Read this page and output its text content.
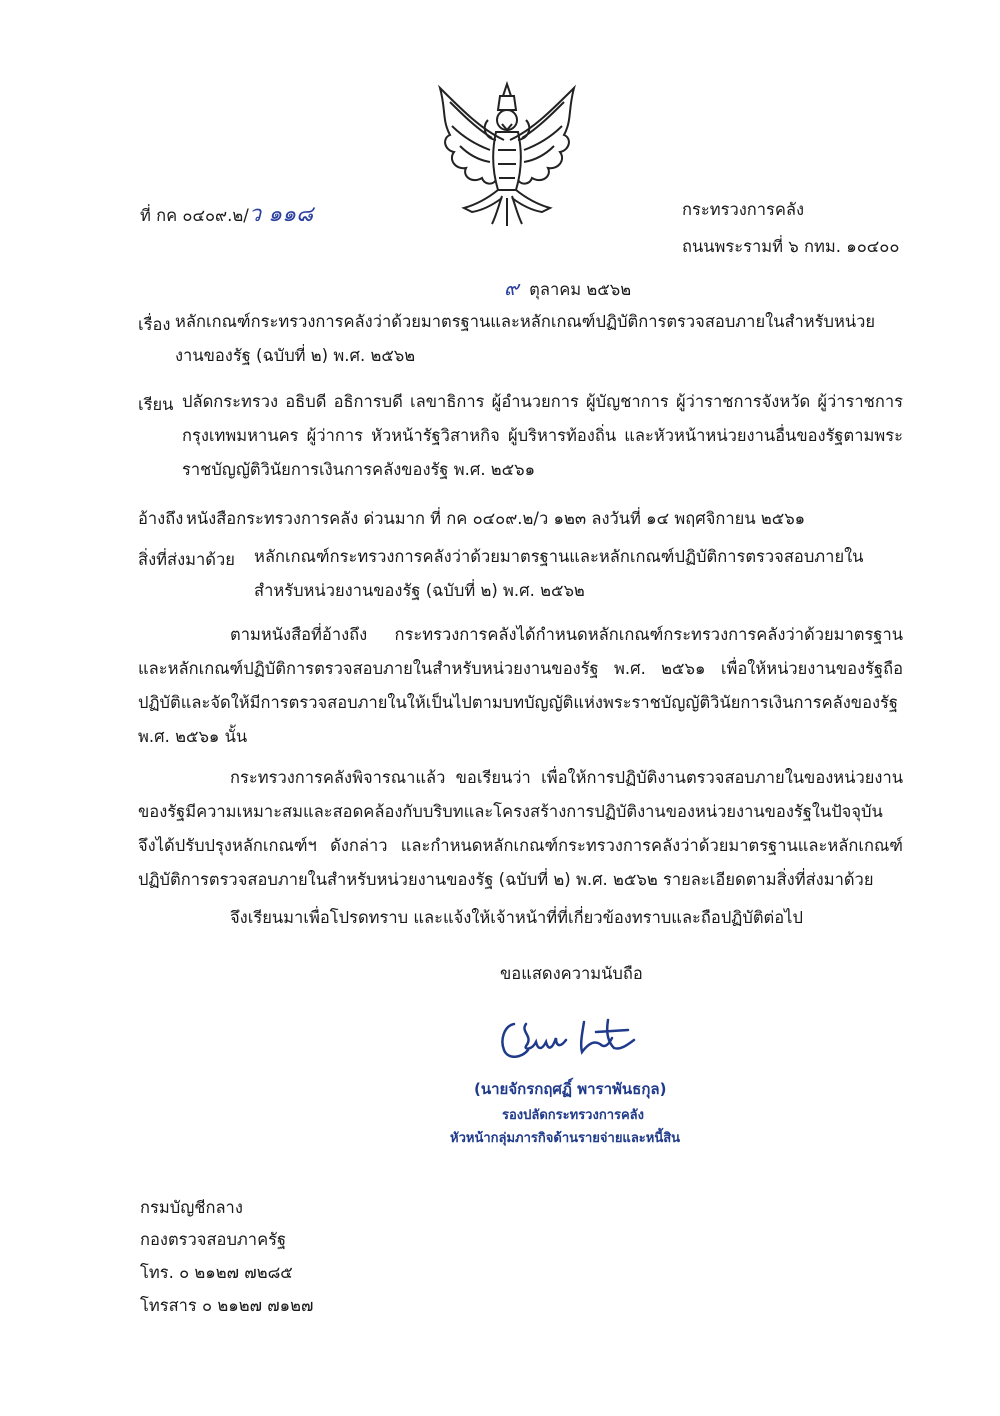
ที่ กค ๐๔๐๙.๒/ว ๑๑๘	กระทรวงการคลัง
ถนนพระรามที่ ๖ กทม. ๑๐๔๐๐
๙ ตุลาคม ๒๕๖๒
เรื่อง หลักเกณฑ์กระทรวงการคลังว่าด้วยมาตรฐานและหลักเกณฑ์ปฏิบัติการตรวจสอบภายในสำหรับหน่วยงานของรัฐ (ฉบับที่ ๒) พ.ศ. ๒๕๖๒
เรียน ปลัดกระทรวง อธิบดี อธิการบดี เลขาธิการ ผู้อำนวยการ ผู้บัญชาการ ผู้ว่าราชการจังหวัด ผู้ว่าราชการกรุงเทพมหานคร ผู้ว่าการ หัวหน้ารัฐวิสาหกิจ ผู้บริหารท้องถิ่น และหัวหน้าหน่วยงานอื่นของรัฐตามพระราชบัญญัติวินัยการเงินการคลังของรัฐ พ.ศ. ๒๕๖๑
อ้างถึง หนังสือกระทรวงการคลัง ด่วนมาก ที่ กค ๐๔๐๙.๒/ว ๑๒๓ ลงวันที่ ๑๔ พฤศจิกายน ๒๕๖๑
สิ่งที่ส่งมาด้วย	หลักเกณฑ์กระทรวงการคลังว่าด้วยมาตรฐานและหลักเกณฑ์ปฏิบัติการตรวจสอบภายในสำหรับหน่วยงานของรัฐ (ฉบับที่ ๒) พ.ศ. ๒๕๖๒
ตามหนังสือที่อ้างถึง กระทรวงการคลังได้กำหนดหลักเกณฑ์กระทรวงการคลังว่าด้วยมาตรฐานและหลักเกณฑ์ปฏิบัติการตรวจสอบภายในสำหรับหน่วยงานของรัฐ พ.ศ. ๒๕๖๑ เพื่อให้หน่วยงานของรัฐถือปฏิบัติและจัดให้มีการตรวจสอบภายในให้เป็นไปตามบทบัญญัติแห่งพระราชบัญญัติวินัยการเงินการคลังของรัฐ พ.ศ. ๒๕๖๑ นั้น
กระทรวงการคลังพิจารณาแล้ว ขอเรียนว่า เพื่อให้การปฏิบัติงานตรวจสอบภายในของหน่วยงานของรัฐมีความเหมาะสมและสอดคล้องกับบริบทและโครงสร้างการปฏิบัติงานของหน่วยงานของรัฐในปัจจุบัน จึงได้ปรับปรุงหลักเกณฑ์ฯ ดังกล่าว และกำหนดหลักเกณฑ์กระทรวงการคลังว่าด้วยมาตรฐานและหลักเกณฑ์ปฏิบัติการตรวจสอบภายในสำหรับหน่วยงานของรัฐ (ฉบับที่ ๒) พ.ศ. ๒๕๖๒ รายละเอียดตามสิ่งที่ส่งมาด้วย
จึงเรียนมาเพื่อโปรดทราบ และแจ้งให้เจ้าหน้าที่ที่เกี่ยวข้องทราบและถือปฏิบัติต่อไป
ขอแสดงความนับถือ
(นายจักรกฤศฏิ์ พาราพันธกุล)
รองปลัดกระทรวงการคลัง
หัวหน้ากลุ่มภารกิจด้านรายจ่ายและหนี้สิน
กรมบัญชีกลาง
กองตรวจสอบภาครัฐ
โทร. ๐ ๒๑๒๗ ๗๒๘๕
โทรสาร ๐ ๒๑๒๗ ๗๑๒๗
